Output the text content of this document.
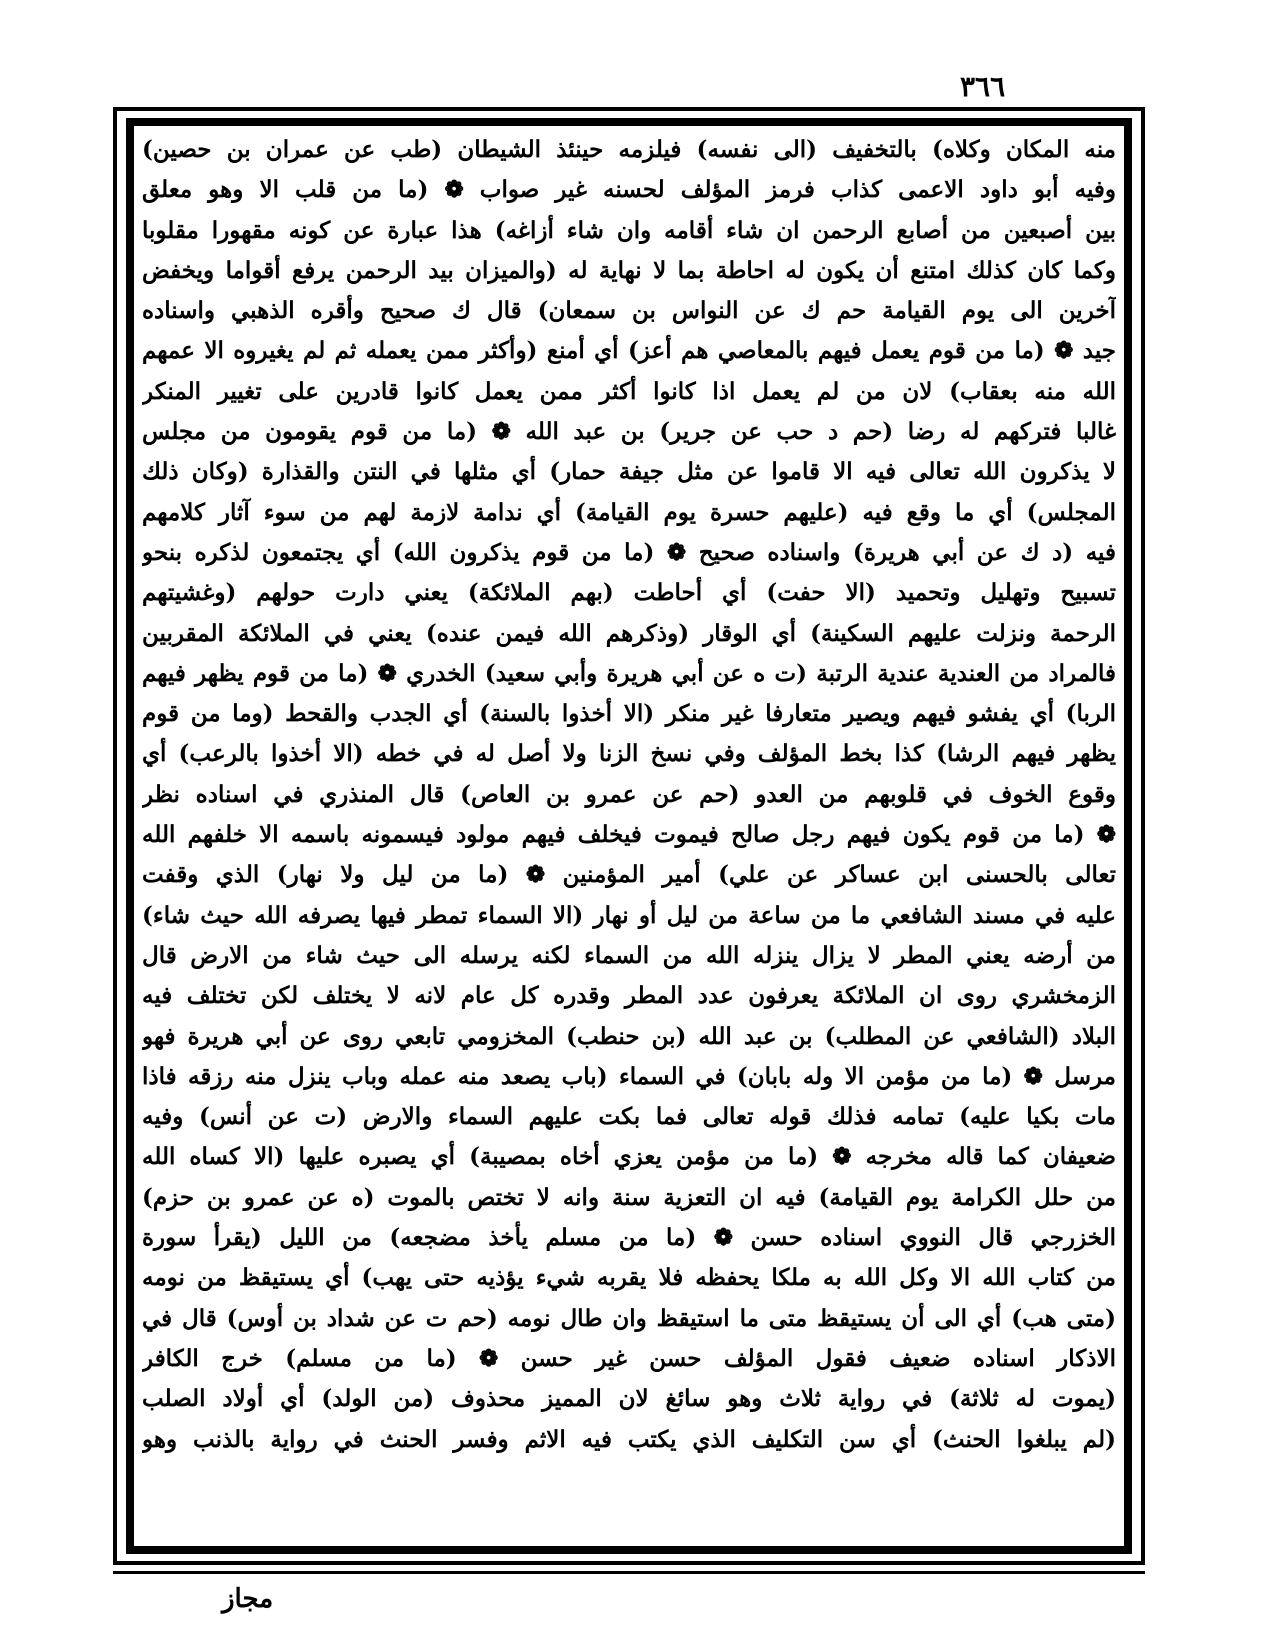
٣٦٦
منه المكان وكلاه) بالتخفيف (الى نفسه) فيلزمه حينئذ الشيطان (طب عن عمران بن حصين)
وفيه أبو داود الاعمى كذاب فرمز المؤلف لحسنه غير صواب ❁ (ما من قلب الا وهو معلق
بين أصبعين من أصابع الرحمن ان شاء أقامه وان شاء أزاغه) هذا عبارة عن كونه مقهورا مقلوبا
وكما كان كذلك امتنع أن يكون له احاطة بما لا نهاية له (والميزان بيد الرحمن يرفع أقواما ويخفض
آخرين الى يوم القيامة حم ك عن النواس بن سمعان) قال ك صحيح وأقره الذهبي واسناده
جيد ❁ (ما من قوم يعمل فيهم بالمعاصي هم أعز) أي أمنع (وأكثر ممن يعمله ثم لم يغيروه الا عمهم
الله منه بعقاب) لان من لم يعمل اذا كانوا أكثر ممن يعمل كانوا قادرين على تغيير المنكر
غالبا فتركهم له رضا (حم د حب عن جرير) بن عبد الله ❁ (ما من قوم يقومون من مجلس
لا يذكرون الله تعالى فيه الا قاموا عن مثل جيفة حمار) أي مثلها في النتن والقذارة (وكان ذلك
المجلس) أي ما وقع فيه (عليهم حسرة يوم القيامة) أي ندامة لازمة لهم من سوء آثار كلامهم
فيه (د ك عن أبي هريرة) واسناده صحيح ❁ (ما من قوم يذكرون الله) أي يجتمعون لذكره بنحو
تسبيح وتهليل وتحميد (الا حفت) أي أحاطت (بهم الملائكة) يعني دارت حولهم (وغشيتهم
الرحمة ونزلت عليهم السكينة) أي الوقار (وذكرهم الله فيمن عنده) يعني في الملائكة المقربين
فالمراد من العندية عندية الرتبة (ت ه عن أبي هريرة وأبي سعيد) الخدري ❁ (ما من قوم يظهر فيهم
الربا) أي يفشو فيهم ويصير متعارفا غير منكر (الا أخذوا بالسنة) أي الجدب والقحط (وما من قوم
يظهر فيهم الرشا) كذا بخط المؤلف وفي نسخ الزنا ولا أصل له في خطه (الا أخذوا بالرعب) أي
وقوع الخوف في قلوبهم من العدو (حم عن عمرو بن العاص) قال المنذري في اسناده نظر
❁ (ما من قوم يكون فيهم رجل صالح فيموت فيخلف فيهم مولود فيسمونه باسمه الا خلفهم الله
تعالى بالحسنى ابن عساكر عن علي) أمير المؤمنين ❁ (ما من ليل ولا نهار) الذي وقفت
عليه في مسند الشافعي ما من ساعة من ليل أو نهار (الا السماء تمطر فيها يصرفه الله حيث شاء)
من أرضه يعني المطر لا يزال ينزله الله من السماء لكنه يرسله الى حيث شاء من الارض قال
الزمخشري روى ان الملائكة يعرفون عدد المطر وقدره كل عام لانه لا يختلف لكن تختلف فيه
البلاد (الشافعي عن المطلب) بن عبد الله (بن حنطب) المخزومي تابعي روى عن أبي هريرة فهو
مرسل ❁ (ما من مؤمن الا وله بابان) في السماء (باب يصعد منه عمله وباب ينزل منه رزقه فاذا
مات بكيا عليه) تمامه فذلك قوله تعالى فما بكت عليهم السماء والارض (ت عن أنس) وفيه
ضعيفان كما قاله مخرجه ❁ (ما من مؤمن يعزي أخاه بمصيبة) أي يصبره عليها (الا كساه الله
من حلل الكرامة يوم القيامة) فيه ان التعزية سنة وانه لا تختص بالموت (ه عن عمرو بن حزم)
الخزرجي قال النووي اسناده حسن ❁ (ما من مسلم يأخذ مضجعه) من الليل (يقرأ سورة
من كتاب الله الا وكل الله به ملكا يحفظه فلا يقربه شيء يؤذيه حتى يهب) أي يستيقظ من نومه
(متى هب) أي الى أن يستيقظ متى ما استيقظ وان طال نومه (حم ت عن شداد بن أوس) قال في
الاذكار اسناده ضعيف فقول المؤلف حسن غير حسن ❁ (ما من مسلم) خرج الكافر
(يموت له ثلاثة) في رواية ثلاث وهو سائغ لان المميز محذوف (من الولد) أي أولاد الصلب
(لم يبلغوا الحنث) أي سن التكليف الذي يكتب فيه الاثم وفسر الحنث في رواية بالذنب وهو
مجاز
